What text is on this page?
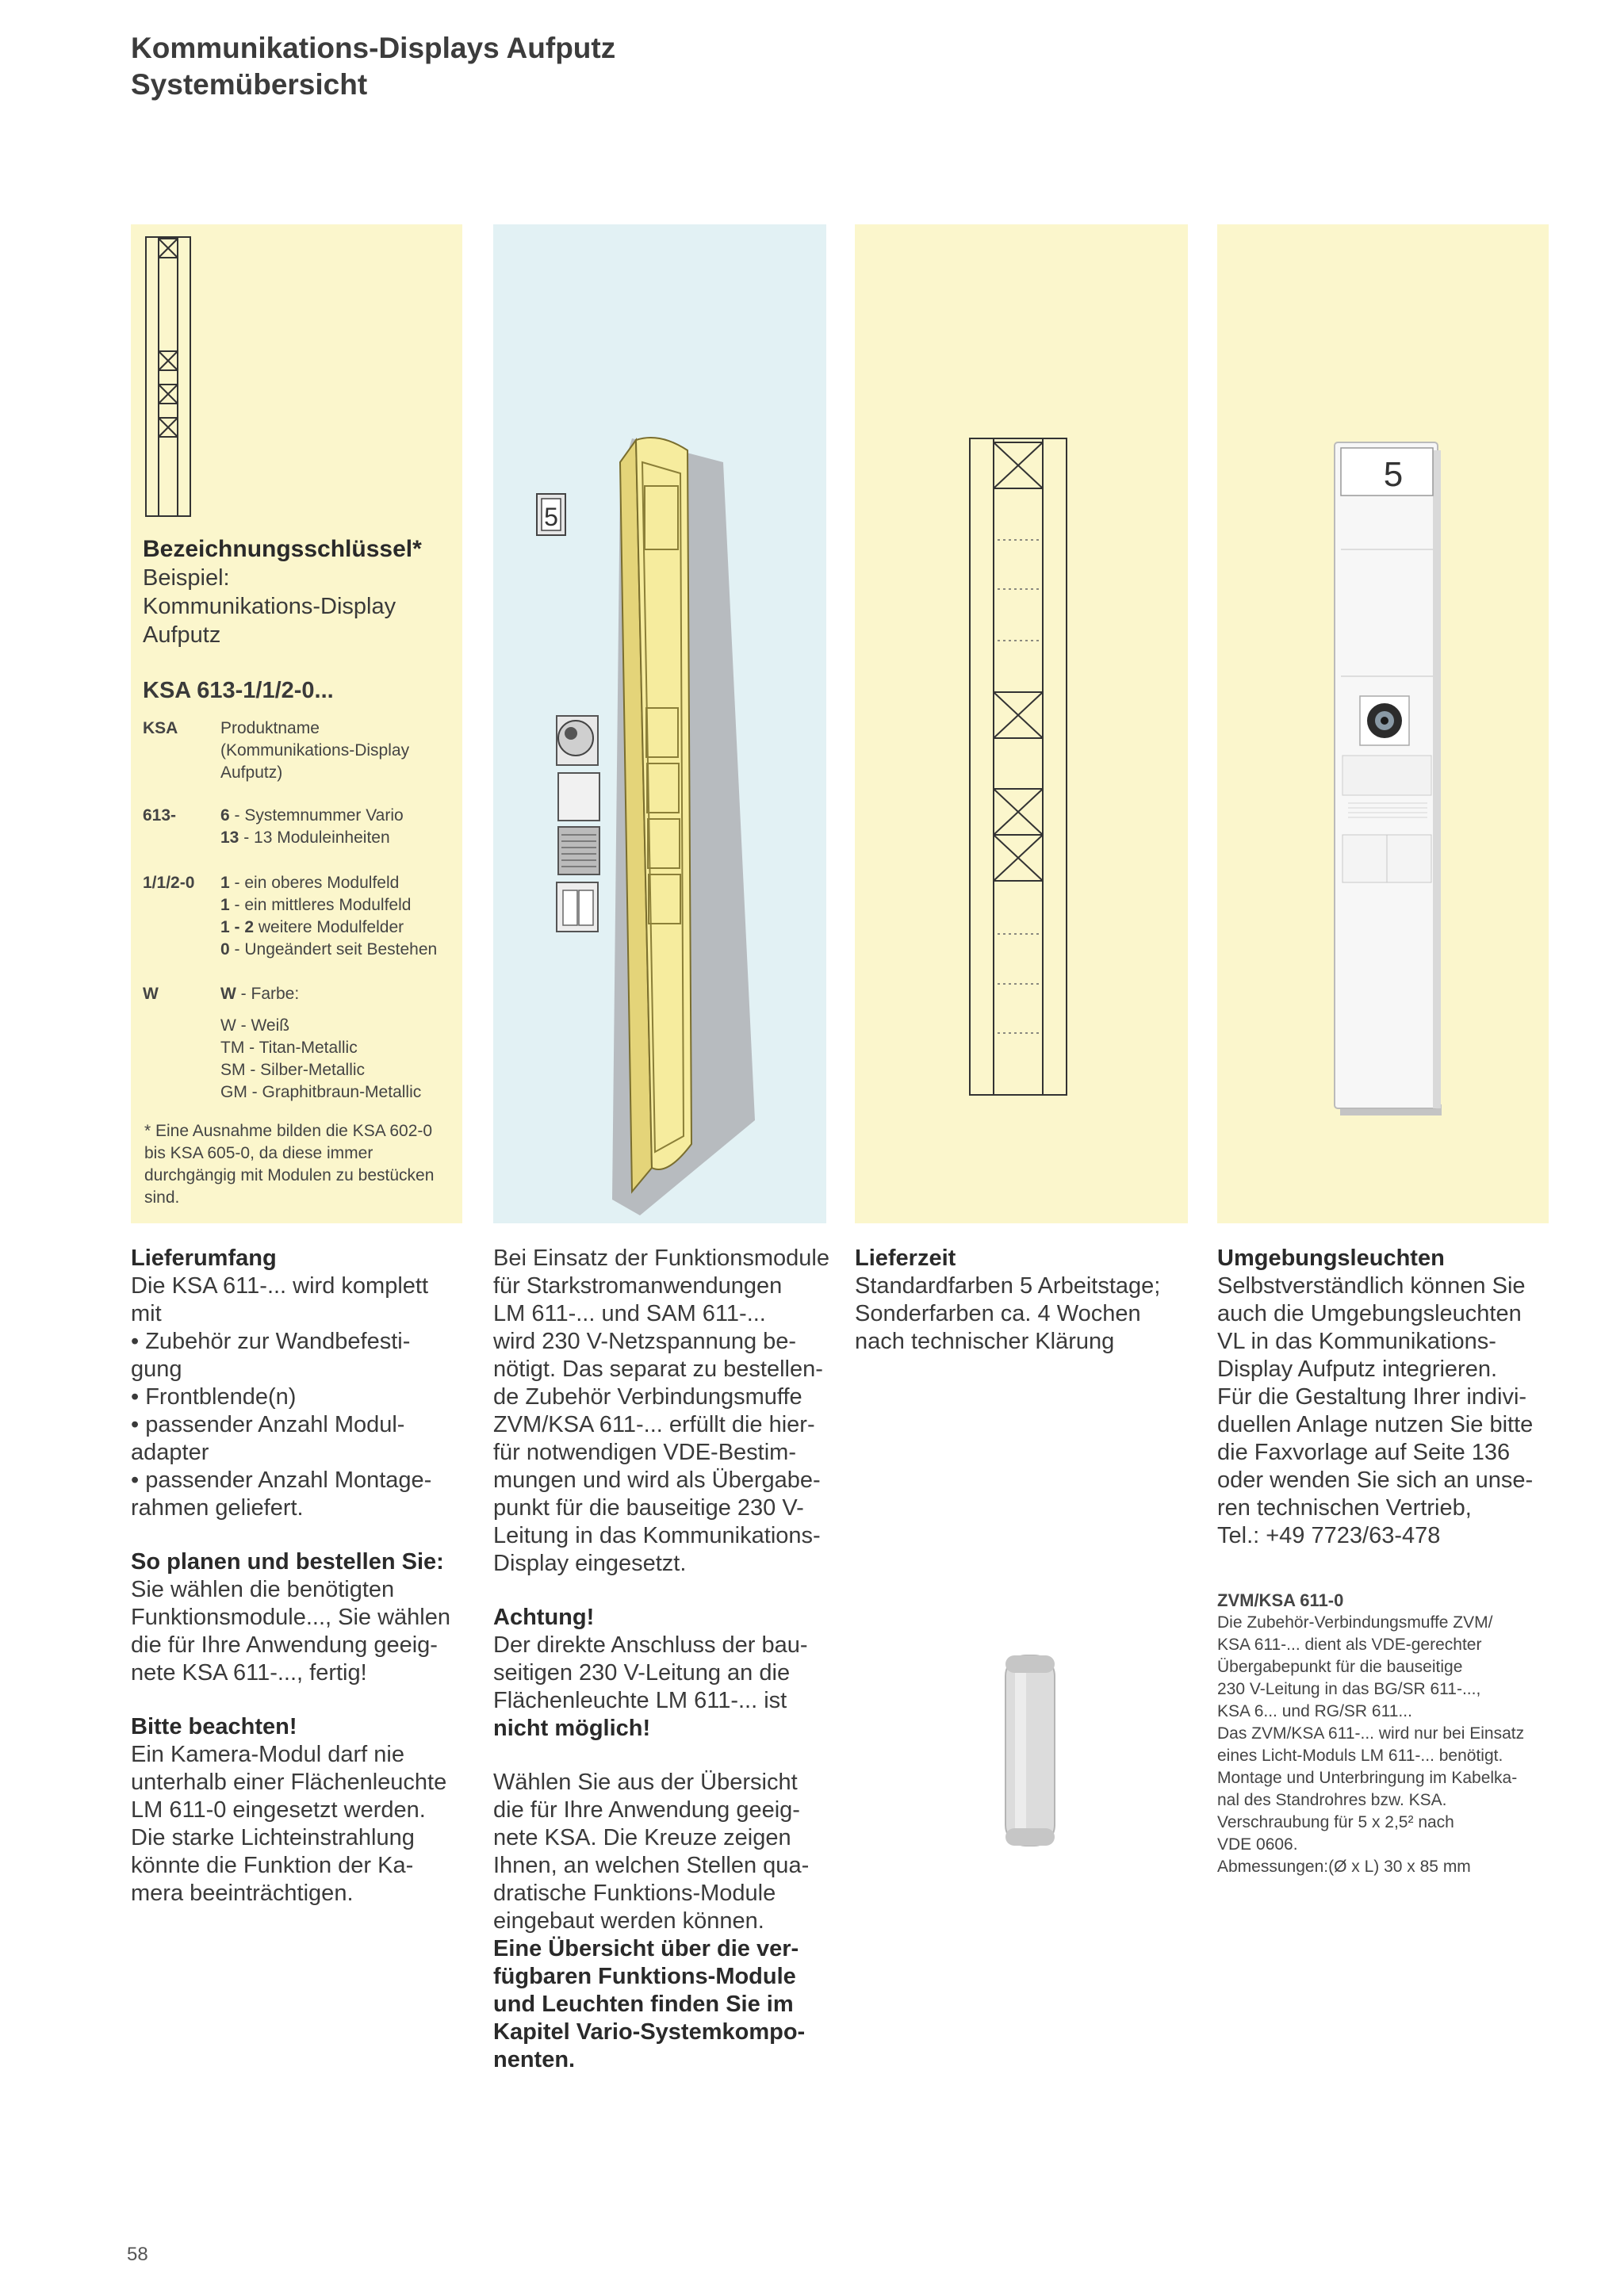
Kommunikations-Displays Aufputz
Systemübersicht
Bezeichnungsschlüssel*
Beispiel:
Kommunikations-Display
Aufputz
KSA 613-1/1/2-0...
KSA	Produktname
(Kommunikations-Display
Aufputz)
613-	6 - Systemnummer Vario
13 - 13 Moduleinheiten
1/1/2-0 1 - ein oberes Modulfeld
1 - ein mittleres Modulfeld
1 - 2 weitere Modulfelder
0 - Ungeändert seit Bestehen
W	W - Farbe:
W - Weiß
TM - Titan-Metallic
SM - Silber-Metallic
GM - Graphitbraun-Metallic
* Eine Ausnahme bilden die KSA 602-0 bis KSA 605-0, da diese immer durchgängig mit Modulen zu bestücken sind.
5
5
Lieferumfang
Die KSA 611-... wird komplett
mit
• Zubehör zur Wandbefesti-
gung
• Frontblende(n)
• passender Anzahl Modul-
adapter
• passender Anzahl Montage-
rahmen geliefert.
So planen und bestellen Sie:
Sie wählen die benötigten
Funktionsmodule..., Sie wählen
die für Ihre Anwendung geeig-
nete KSA 611-..., fertig!
Bitte beachten!
Ein Kamera-Modul darf nie
unterhalb einer Flächenleuchte
LM 611-0 eingesetzt werden.
Die starke Lichteinstrahlung
könnte die Funktion der Ka-
mera beeinträchtigen.
Bei Einsatz der Funktionsmodule
für Starkstromanwendungen
LM 611-... und SAM 611-...
wird 230 V-Netzspannung be-
nötigt. Das separat zu bestellen-
de Zubehör Verbindungsmuffe
ZVM/KSA 611-... erfüllt die hier-
für notwendigen VDE-Bestim-
mungen und wird als Übergabe-
punkt für die bauseitige 230 V-
Leitung in das Kommunikations-
Display eingesetzt.
Achtung!
Der direkte Anschluss der bau-
seitigen 230 V-Leitung an die
Flächenleuchte LM 611-... ist
nicht möglich!
Wählen Sie aus der Übersicht
die für Ihre Anwendung geeig-
nete KSA. Die Kreuze zeigen
Ihnen, an welchen Stellen qua-
dratische Funktions-Module
eingebaut werden können.
Eine Übersicht über die ver-
fügbaren Funktions-Module
und Leuchten finden Sie im
Kapitel Vario-Systemkompo-
nenten.
Lieferzeit
Standardfarben 5 Arbeitstage;
Sonderfarben ca. 4 Wochen
nach technischer Klärung
Umgebungsleuchten
Selbstverständlich können Sie
auch die Umgebungsleuchten
VL in das Kommunikations-
Display Aufputz integrieren.
Für die Gestaltung Ihrer indivi-
duellen Anlage nutzen Sie bitte
die Faxvorlage auf Seite 136
oder wenden Sie sich an unse-
ren technischen Vertrieb,
Tel.: +49 7723/63-478
ZVM/KSA 611-0
Die Zubehör-Verbindungsmuffe ZVM/
KSA 611-... dient als VDE-gerechter
Übergabepunkt für die bauseitige
230 V-Leitung in das BG/SR 611-...,
KSA 6... und RG/SR 611...
Das ZVM/KSA 611-... wird nur bei Einsatz
eines Licht-Moduls LM 611-... benötigt.
Montage und Unterbringung im Kabelka-
nal des Standrohres bzw. KSA.
Verschraubung für 5 x 2,5² nach
VDE 0606.
Abmessungen:(Ø x L) 30 x 85 mm
58
